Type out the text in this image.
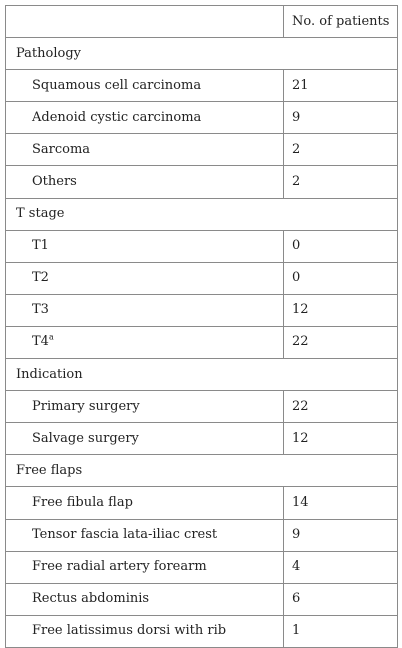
	No. of patients
Pathology	
Squamous cell carcinoma	21
Adenoid cystic carcinoma	9
Sarcoma	2
Others	2
T stage	
T1	0
T2	0
T3	12
T4$^a$	22
Indication	
Primary surgery	22
Salvage surgery	12
Free flaps	
Free fibula flap	14
Tensor fascia lata-iliac crest	9
Free radial artery forearm	4
Rectus abdominis	6
Free latissimus dorsi with rib	1
